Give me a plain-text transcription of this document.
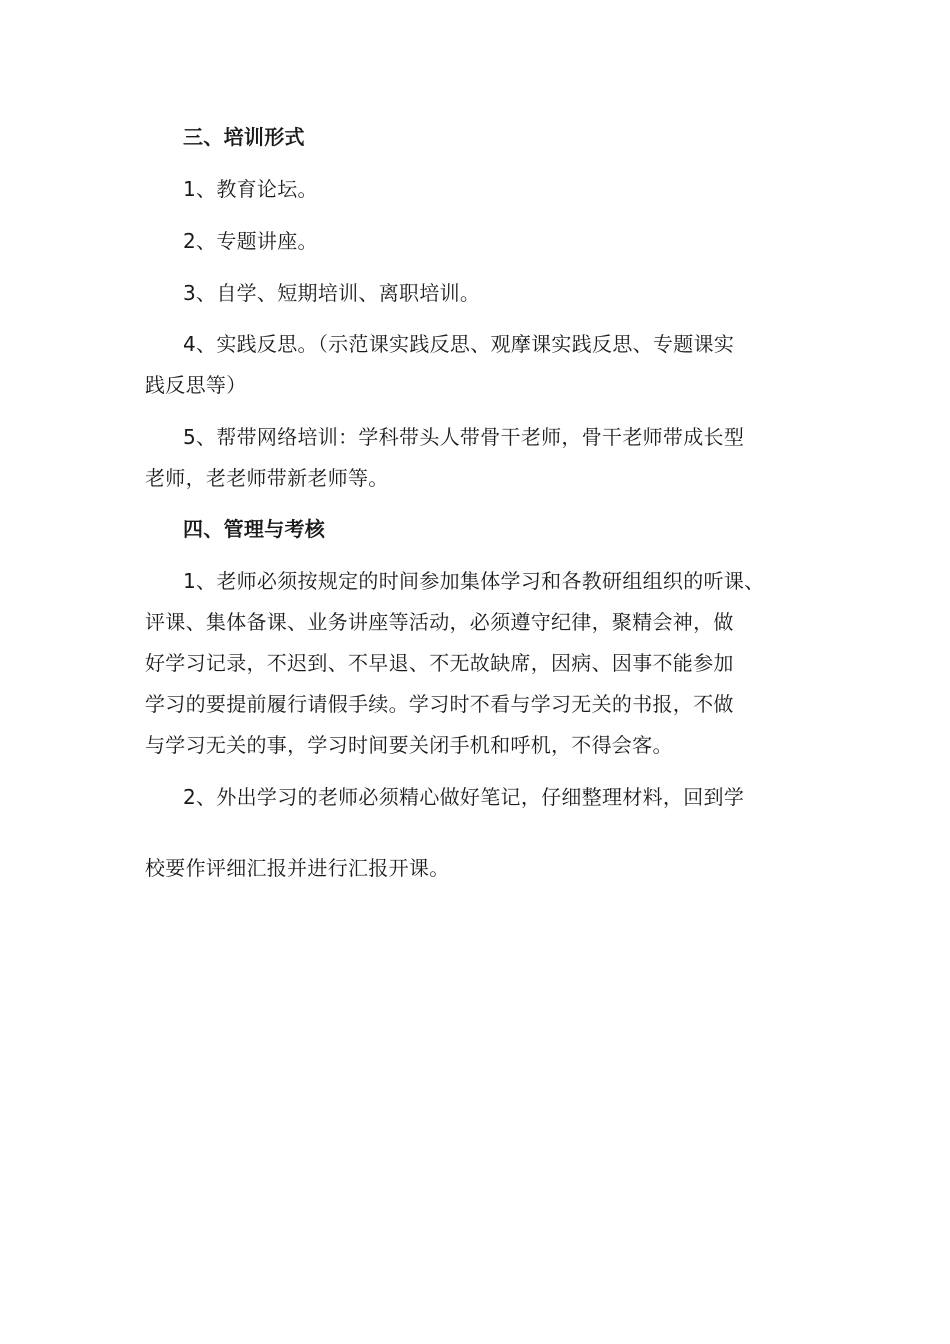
三、培训形式
1、教育论坛。
2、专题讲座。
3、自学、短期培训、离职培训。
4、实践反思。（示范课实践反思、观摩课实践反思、专题课实
践反思等）
5、帮带网络培训：学科带头人带骨干老师，骨干老师带成长型
老师，老老师带新老师等。
四、管理与考核
1、老师必须按规定的时间参加集体学习和各教研组组织的听课、
评课、集体备课、业务讲座等活动，必须遵守纪律，聚精会神，做
好学习记录，不迟到、不早退、不无故缺席，因病、因事不能参加
学习的要提前履行请假手续。学习时不看与学习无关的书报，不做
与学习无关的事，学习时间要关闭手机和呼机，不得会客。
2、外出学习的老师必须精心做好笔记，仔细整理材料，回到学
校要作评细汇报并进行汇报开课。
